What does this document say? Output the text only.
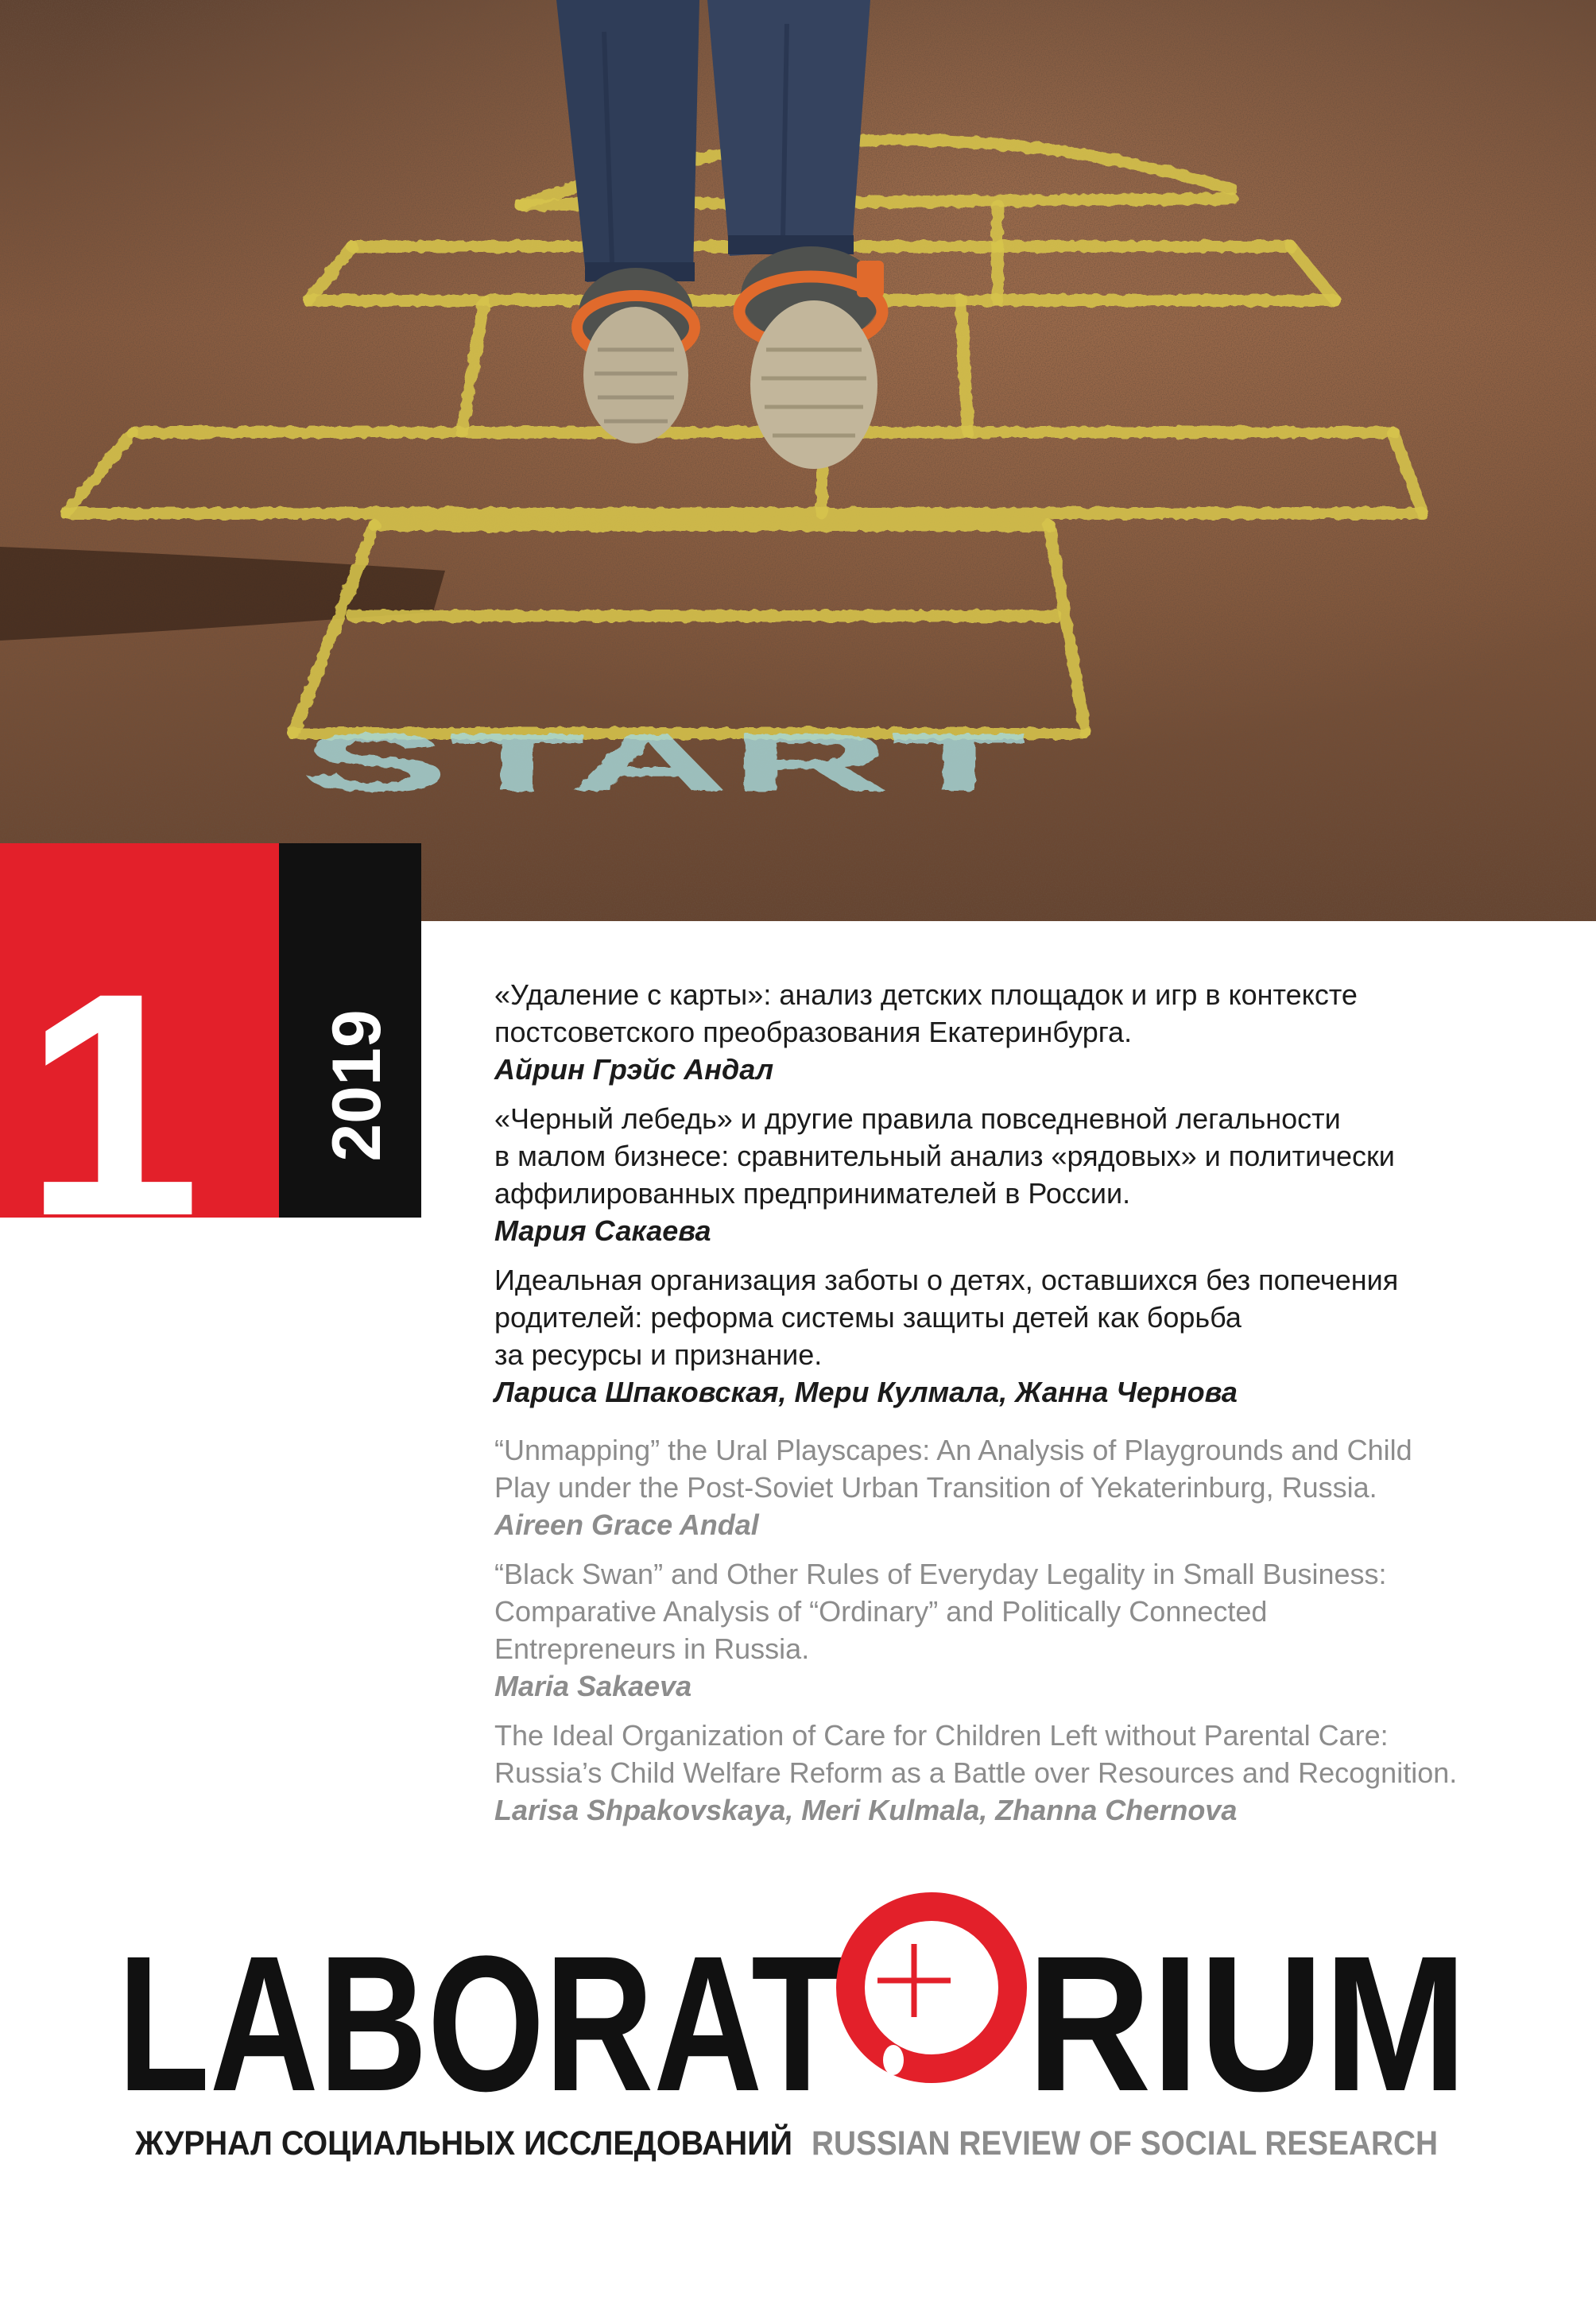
START
1 2019
«Удаление с карты»: анализ детских площадок и игр в контексте
постсоветского преобразования Екатеринбурга.
Айрин Грэйс Андал
«Черный лебедь» и другие правила повседневной легальности
в малом бизнесе: сравнительный анализ «рядовых» и политически
аффилированных предпринимателей в России.
Мария Сакаева
Идеальная организация заботы о детях, оставшихся без попечения
родителей: реформа системы защиты детей как борьба
за ресурсы и признание.
Лариса Шпаковская, Мери Кулмала, Жанна Чернова
“Unmapping” the Ural Playscapes: An Analysis of Playgrounds and Child
Play under the Post-Soviet Urban Transition of Yekaterinburg, Russia.
Aireen Grace Andal
“Black Swan” and Other Rules of Everyday Legality in Small Business:
Comparative Analysis of “Ordinary” and Politically Connected
Entrepreneurs in Russia.
Maria Sakaeva
The Ideal Organization of Care for Children Left without Parental Care:
Russia’s Child Welfare Reform as a Battle over Resources and Recognition.
Larisa Shpakovskaya, Meri Kulmala, Zhanna Chernova
LABORAT RIUM
ЖУРНАЛ СОЦИАЛЬНЫХ ИССЛЕДОВАНИЙ
RUSSIAN REVIEW OF SOCIAL RESEARCH
